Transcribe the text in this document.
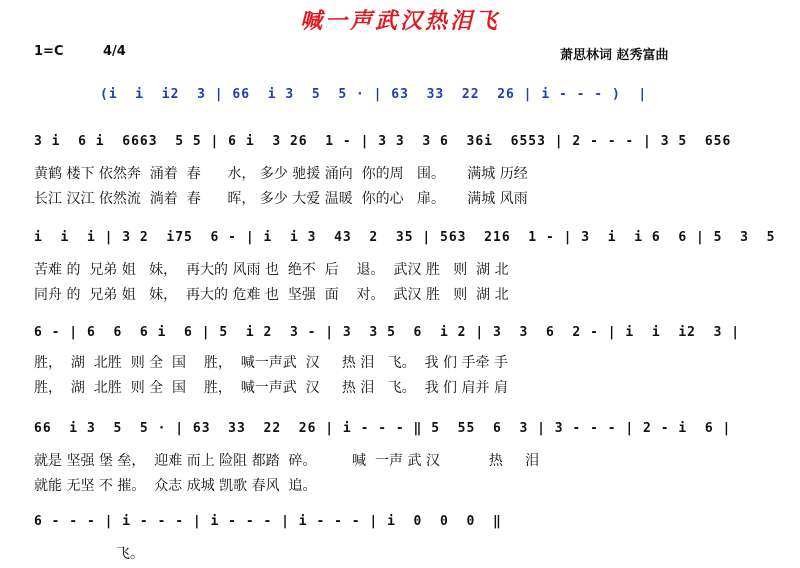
喊一声武汉热泪飞
1=C	4/4	萧思林词 赵秀富曲
(i  i  i2  3 | 66  i 3  5  5 · | 63  33  22  26 | i - - - )  |
3 i  6 i  6663  5 5 | 6 i  3 26  1 - | 3 3  3 6  36i  6553 | 2 - - - | 3 5  656
黄鹤 楼下 依然奔  涌着  春      水， 多少 驰援 涌向  你的周   围。     满城 历经
长江 汉江 依然流  淌着  春      晖， 多少 大爱 温暖  你的心   扉。     满城 风雨
i  i  i | 3 2  i75  6 - | i  i 3  43  2  35 | 563  216  1 - | 3  i  i 6  6 | 5  3  5
苦难 的  兄弟 姐   妹，  再大的 风雨 也  绝不  后    退。  武汉 胜   则  湖 北
同舟 的  兄弟 姐   妹，  再大的 危难 也  坚强  面    对。  武汉 胜   则  湖 北
6 - | 6  6  6 i  6 | 5  i 2  3 - | 3  3 5  6  i 2 | 3  3  6  2 - | i  i  i2  3 |
胜，  湖  北胜  则 全  国    胜，  喊一声武  汉     热 泪   飞。  我 们 手牵 手
胜，  湖  北胜  则 全  国    胜，  喊一声武  汉     热 泪   飞。  我 们 肩并 肩
66  i 3  5  5 · | 63  33  22  26 | i - - - ‖ 5  55  6  3 | 3 - - - | 2 - i  6 |
就是 坚强 堡 垒，  迎难 而上 险阻 都踏  碎。        喊  一声 武 汉           热     泪
就能 无坚 不 摧。  众志 成城 凯歌 春风  追。
6 - - - | i - - - | i - - - | i - - - | i  0  0  0  ‖
飞。
